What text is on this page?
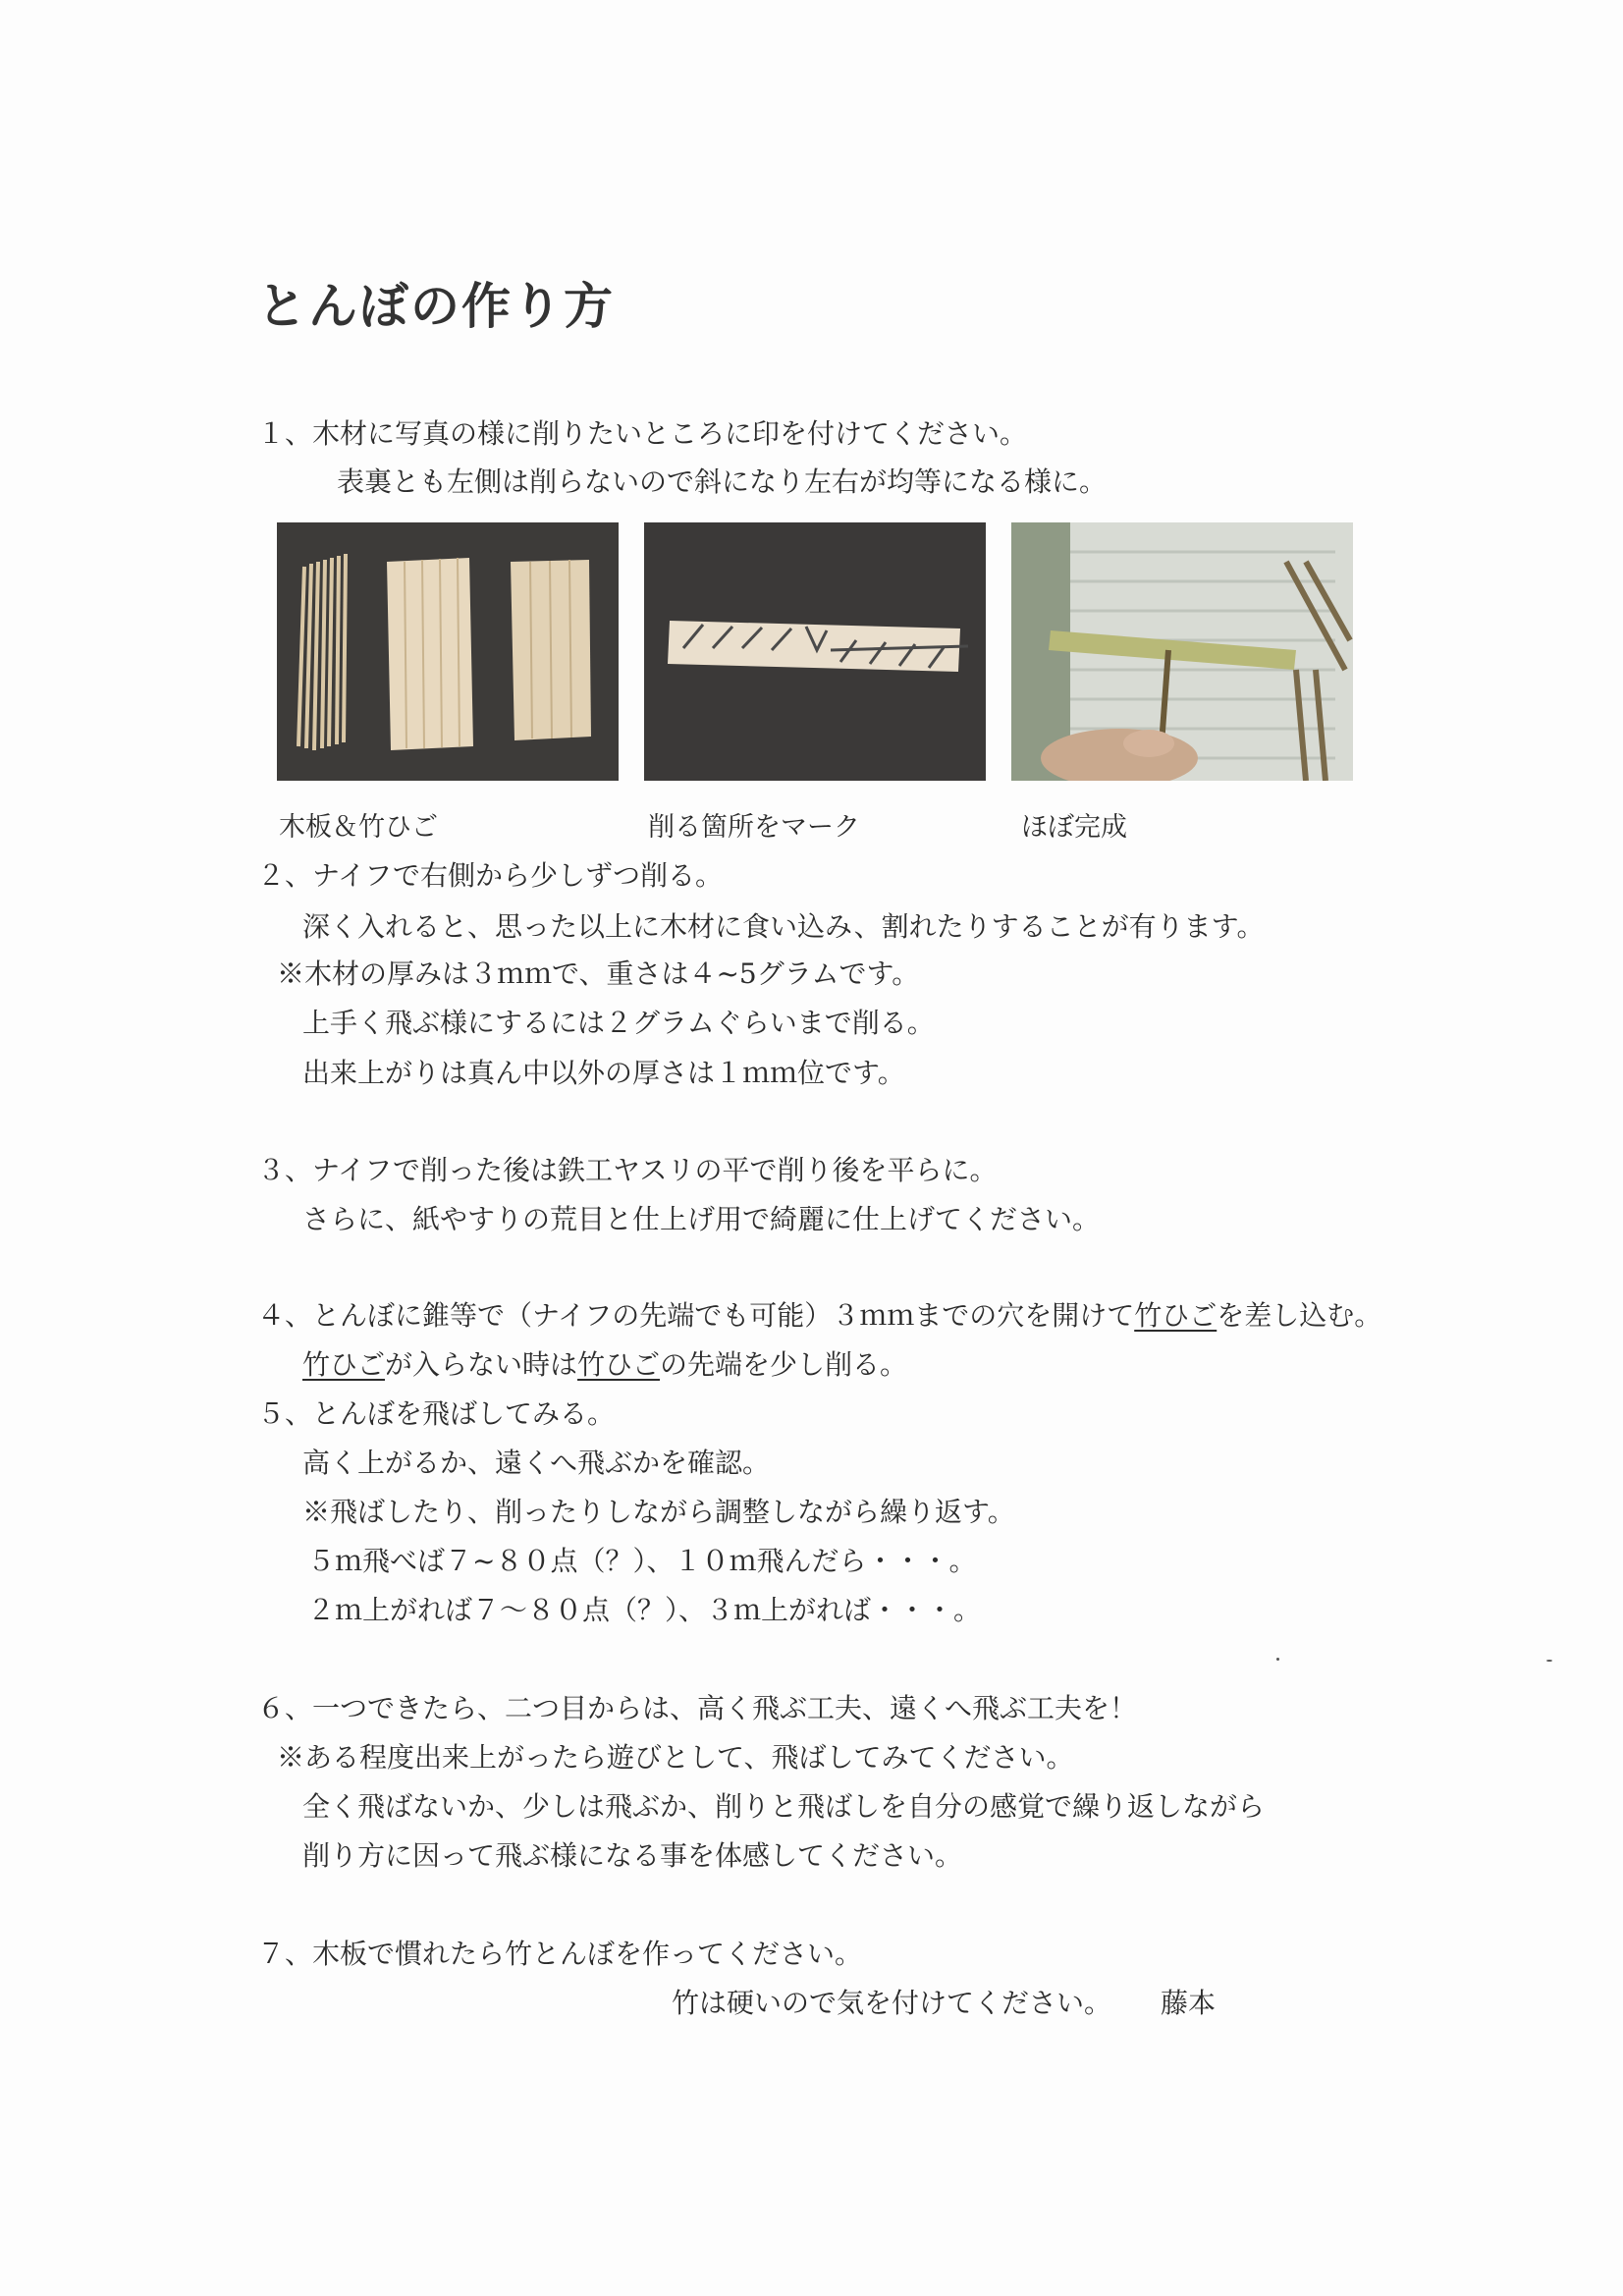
とんぼの作り方
１、木材に写真の様に削りたいところに印を付けてください。
表裏とも左側は削らないので斜になり左右が均等になる様に。
木板＆竹ひご	削る箇所をマーク	ほぼ完成
２、ナイフで右側から少しずつ削る。
深く入れると、思った以上に木材に食い込み、割れたりすることが有ります。
※木材の厚みは３ｍｍで、重さは４~5グラムです。
上手く飛ぶ様にするには２グラムぐらいまで削る。
出来上がりは真ん中以外の厚さは１ｍｍ位です。
３、ナイフで削った後は鉄工ヤスリの平で削り後を平らに。
さらに、紙やすりの荒目と仕上げ用で綺麗に仕上げてください。
４、とんぼに錐等で（ナイフの先端でも可能）３ｍｍまでの穴を開けて竹ひごを差し込む。
竹ひごが入らない時は竹ひごの先端を少し削る。
５、とんぼを飛ばしてみる。
高く上がるか、遠くへ飛ぶかを確認。
※飛ばしたり、削ったりしながら調整しながら繰り返す。
５ｍ飛べば７~８０点（？）、１０ｍ飛んだら・・・。
２ｍ上がれば７～８０点（？）、３ｍ上がれば・・・。
６、一つできたら、二つ目からは、高く飛ぶ工夫、遠くへ飛ぶ工夫を！
※ある程度出来上がったら遊びとして、飛ばしてみてください。
全く飛ばないか、少しは飛ぶか、削りと飛ばしを自分の感覚で繰り返しながら
削り方に因って飛ぶ様になる事を体感してください。
７、木板で慣れたら竹とんぼを作ってください。
竹は硬いので気を付けてください。 藤本
